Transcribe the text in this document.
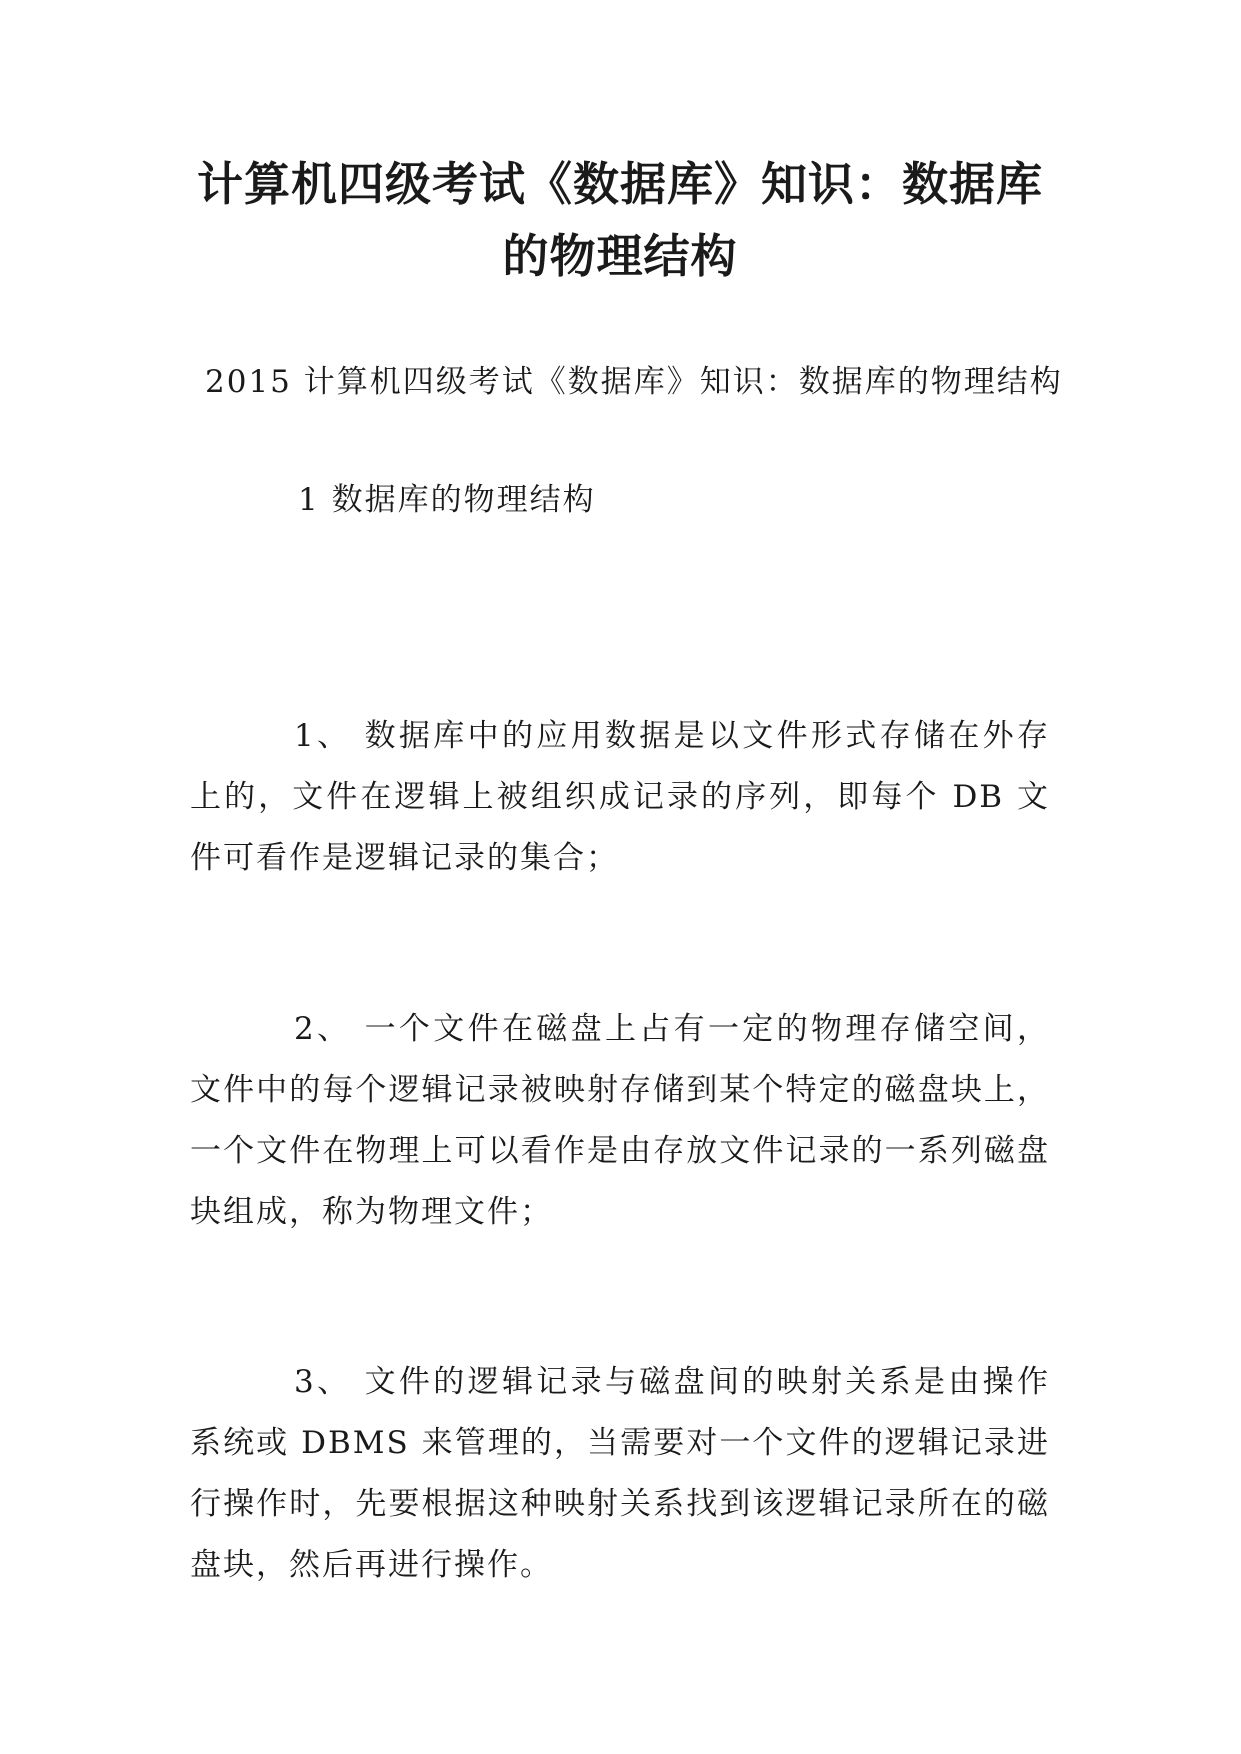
计算机四级考试《数据库》知识：数据库的物理结构

2015 计算机四级考试《数据库》知识：数据库的物理结构

1 数据库的物理结构

1、 数据库中的应用数据是以文件形式存储在外存上的，文件在逻辑上被组织成记录的序列，即每个 DB 文件可看作是逻辑记录的集合；

2、 一个文件在磁盘上占有一定的物理存储空间，文件中的每个逻辑记录被映射存储到某个特定的磁盘块上，一个文件在物理上可以看作是由存放文件记录的一系列磁盘块组成，称为物理文件；

3、 文件的逻辑记录与磁盘间的映射关系是由操作系统或 DBMS 来管理的，当需要对一个文件的逻辑记录进行操作时，先要根据这种映射关系找到该逻辑记录所在的磁盘块，然后再进行操作。
